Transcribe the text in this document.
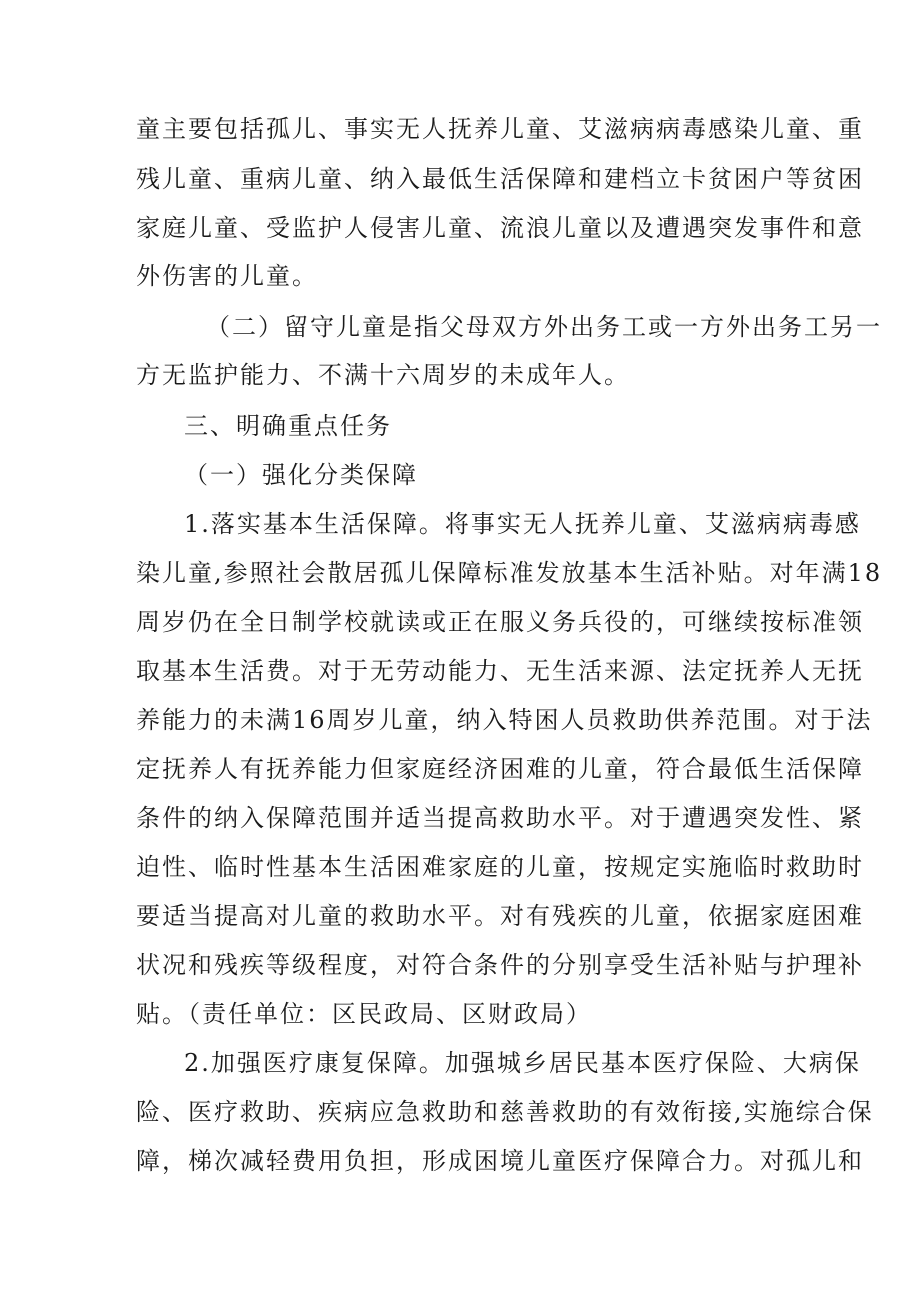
童主要包括孤儿、事实无人抚养儿童、艾滋病病毒感染儿童、重
残儿童、重病儿童、纳入最低生活保障和建档立卡贫困户等贫困
家庭儿童、受监护人侵害儿童、流浪儿童以及遭遇突发事件和意
外伤害的儿童。
（二）留守儿童是指父母双方外出务工或一方外出务工另一
方无监护能力、不满十六周岁的未成年人。
三、明确重点任务
（一）强化分类保障
1.落实基本生活保障。将事实无人抚养儿童、艾滋病病毒感
染儿童,参照社会散居孤儿保障标准发放基本生活补贴。对年满18
周岁仍在全日制学校就读或正在服义务兵役的，可继续按标准领
取基本生活费。对于无劳动能力、无生活来源、法定抚养人无抚
养能力的未满16周岁儿童，纳入特困人员救助供养范围。对于法
定抚养人有抚养能力但家庭经济困难的儿童，符合最低生活保障
条件的纳入保障范围并适当提高救助水平。对于遭遇突发性、紧
迫性、临时性基本生活困难家庭的儿童，按规定实施临时救助时
要适当提高对儿童的救助水平。对有残疾的儿童，依据家庭困难
状况和残疾等级程度，对符合条件的分别享受生活补贴与护理补
贴。（责任单位：区民政局、区财政局）
2.加强医疗康复保障。加强城乡居民基本医疗保险、大病保
险、医疗救助、疾病应急救助和慈善救助的有效衔接,实施综合保
障，梯次减轻费用负担，形成困境儿童医疗保障合力。对孤儿和
